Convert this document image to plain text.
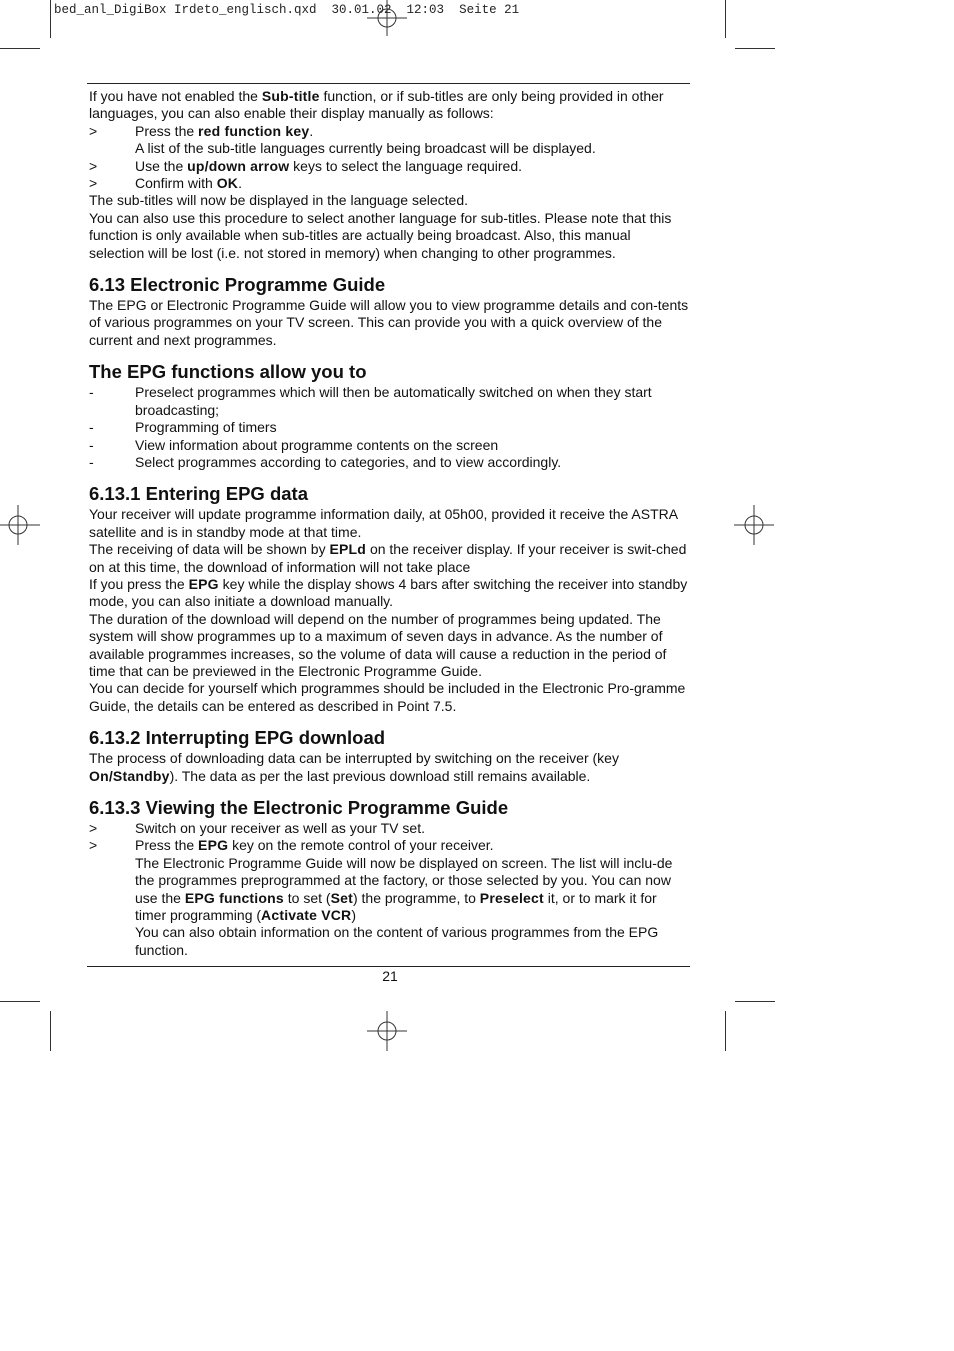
bed_anl_DigiBox Irdeto_englisch.qxd  30.01.02  12:03  Seite 21

If you have not enabled the Sub-title function, or if sub-titles are only being provided in other languages, you can also enable their display manually as follows:

>	Press the red function key.

A list of the sub-title languages currently being broadcast will be displayed.

>	Use the up/down arrow keys to select the language required.
>	Confirm with OK.

The sub-titles will now be displayed in the language selected.

You can also use this procedure to select another language for sub-titles. Please note that this function is only available when sub-titles are actually being broadcast. Also, this manual selection will be lost (i.e. not stored in memory) when changing to other programmes.

6.13 Electronic Programme Guide

The EPG or Electronic Programme Guide will allow you to view programme details and con-tents of various programmes on your TV screen. This can provide you with a quick overview of the current and next programmes.

The EPG functions allow you to
-	Preselect programmes which will then be automatically switched on when they start broadcasting;
-	Programming of timers
-	View information about programme contents on the screen
-	Select programmes according to categories, and to view accordingly.
6.13.1 Entering EPG data

Your receiver will update programme information daily, at 05h00, provided it receive the ASTRA satellite and is in standby mode at that time.

The receiving of data will be shown by EPLd on the receiver display. If your receiver is swit-ched on at this time, the download of information will not take place

If you press the EPG key while the display shows 4 bars after switching the receiver into standby mode, you can also initiate a download manually.

The duration of the download will depend on the number of programmes being updated. The system will show programmes up to a maximum of seven days in advance. As the number of available programmes increases, so the volume of data will cause a reduction in the period of time that can be previewed in the Electronic Programme Guide.

You can decide for yourself which programmes should be included in the Electronic Pro-gramme Guide, the details can be entered as described in Point 7.5.

6.13.2 Interrupting EPG download

The process of downloading data can be interrupted by switching on the receiver (key On/Standby). The data as per the last previous download still remains available.

6.13.3 Viewing the Electronic Programme Guide
>	Switch on your receiver as well as your TV set.
>	Press the EPG key on the remote control of your receiver.

The Electronic Programme Guide will now be displayed on screen. The list will inclu-de the programmes preprogrammed at the factory, or those selected by you. You can now use the EPG functions to set (Set) the programme, to Preselect it, or to mark it for timer programming (Activate VCR)

You can also obtain information on the content of various programmes from the EPG function.

21
